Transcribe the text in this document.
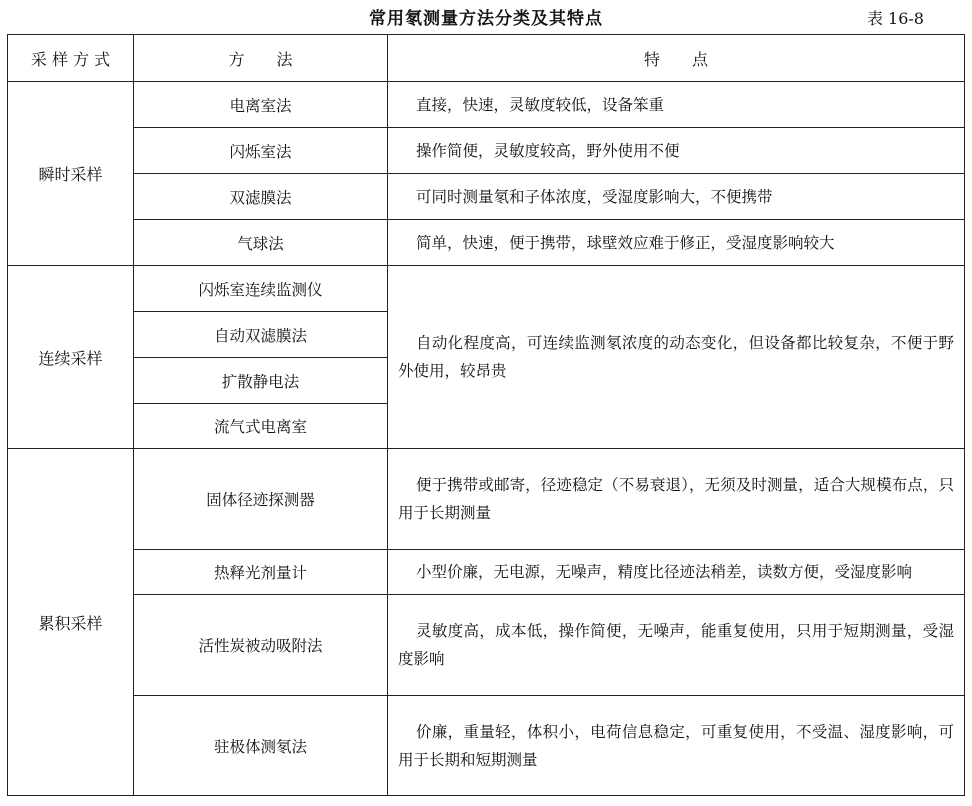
常用氡测量方法分类及其特点	表 16-8
采 样 方 式	方　　法	特　　点
瞬时采样	电离室法	直接，快速，灵敏度较低，设备笨重
	闪烁室法	操作简便，灵敏度较高，野外使用不便
	双滤膜法	可同时测量氡和子体浓度，受湿度影响大，不便携带
	气球法	简单，快速，便于携带，球壁效应难于修正，受湿度影响较大
连续采样	闪烁室连续监测仪	自动化程度高，可连续监测氡浓度的动态变化，但设备都比较复杂，不便于野外使用，较昂贵
	自动双滤膜法	
	扩散静电法	
	流气式电离室	
累积采样	固体径迹探测器	便于携带或邮寄，径迹稳定（不易衰退），无须及时测量，适合大规模布点，只用于长期测量
	热释光剂量计	小型价廉，无电源，无噪声，精度比径迹法稍差，读数方便，受湿度影响
	活性炭被动吸附法	灵敏度高，成本低，操作简便，无噪声，能重复使用，只用于短期测量，受湿度影响
	驻极体测氡法	价廉，重量轻，体积小，电荷信息稳定，可重复使用，不受温、湿度影响，可用于长期和短期测量
